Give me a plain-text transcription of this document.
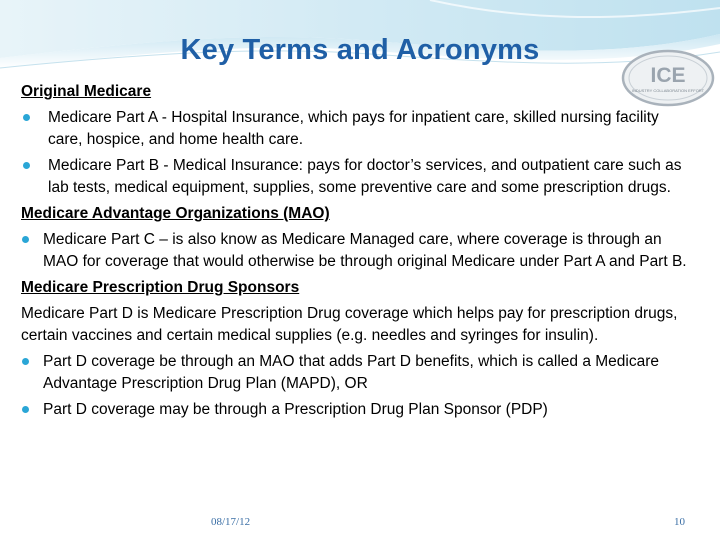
Key Terms and Acronyms
ICE
INDUSTRY COLLABORATION EFFORT

Original Medicare

Medicare Part A - Hospital Insurance, which pays for inpatient care, skilled nursing facility care, hospice, and home health care.
Medicare Part B - Medical Insurance: pays for doctor’s services, and outpatient care such as lab tests, medical equipment, supplies, some preventive care and some prescription drugs.

Medicare Advantage Organizations (MAO)

Medicare Part C – is also know as Medicare Managed care, where coverage is through an MAO for coverage that would otherwise be through original Medicare under Part A and Part B.

Medicare Prescription Drug Sponsors

Medicare Part D is Medicare Prescription Drug coverage which helps pay for prescription drugs, certain vaccines and certain medical supplies (e.g. needles and syringes for insulin).

Part D coverage be through an MAO that adds Part D benefits, which is called a Medicare Advantage Prescription Drug Plan (MAPD), OR
Part D coverage may be through a Prescription Drug Plan Sponsor (PDP)
08/17/12	10
